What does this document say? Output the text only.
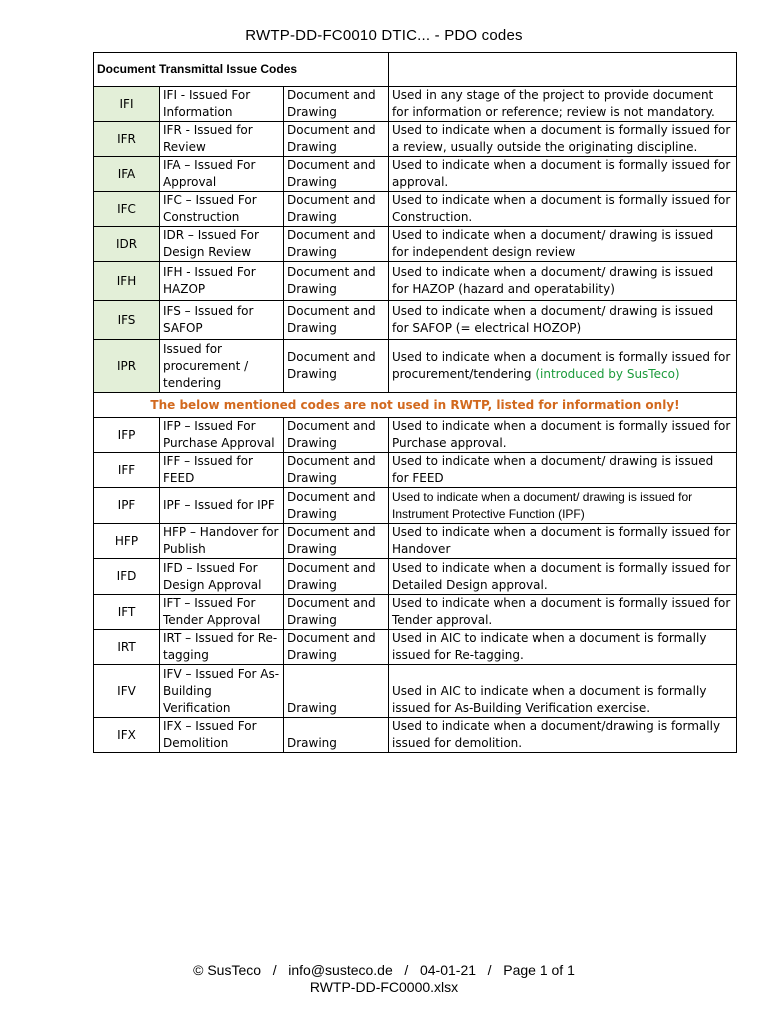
RWTP-DD-FC0010 DTIC... - PDO codes
Document Transmittal Issue Codes			
IFI	IFI - Issued For Information	Document and Drawing	Used in any stage of the project to provide document for information or reference; review is not mandatory.
IFR	IFR - Issued for Review	Document and Drawing	Used to indicate when a document is formally issued for a review, usually outside the originating discipline.
IFA	IFA – Issued For Approval	Document and Drawing	Used to indicate when a document is formally issued for approval.
IFC	IFC – Issued For Construction	Document and Drawing	Used to indicate when a document is formally issued for Construction.
IDR	IDR – Issued For Design Review	Document and Drawing	Used to indicate when a document/ drawing is issued for independent design review
IFH	IFH - Issued For HAZOP	Document and Drawing	Used to indicate when a document/ drawing is issued for HAZOP (hazard and operatability)
IFS	IFS – Issued for SAFOP	Document and Drawing	Used to indicate when a document/ drawing is issued for SAFOP (= electrical HOZOP)
IPR	Issued for procurement / tendering	Document and Drawing	Used to indicate when a document is formally issued for procurement/tendering (introduced by SusTeco)
The below mentioned codes are not used in RWTP, listed for information only!			
IFP	IFP – Issued For Purchase Approval	Document and Drawing	Used to indicate when a document is formally issued for Purchase approval.
IFF	IFF – Issued for FEED	Document and Drawing	Used to indicate when a document/ drawing is issued for FEED
IPF	IPF – Issued for IPF	Document and Drawing	Used to indicate when a document/ drawing is issued for Instrument Protective Function (IPF)
HFP	HFP – Handover for Publish	Document and Drawing	Used to indicate when a document is formally issued for Handover
IFD	IFD – Issued For Design Approval	Document and Drawing	Used to indicate when a document is formally issued for Detailed Design approval.
IFT	IFT – Issued For Tender Approval	Document and Drawing	Used to indicate when a document is formally issued for Tender approval.
IRT	IRT – Issued for Re-tagging	Document and Drawing	Used in AIC to indicate when a document is formally issued for Re-tagging.
IFV	IFV – Issued For As-Building Verification	Drawing	Used in AIC to indicate when a document is formally issued for As-Building Verification exercise.
IFX	IFX – Issued For Demolition	Drawing	Used to indicate when a document/drawing is formally issued for demolition.
© SusTeco   /   info@susteco.de   /   04-01-21   /   Page 1 of 1
RWTP-DD-FC0000.xlsx
